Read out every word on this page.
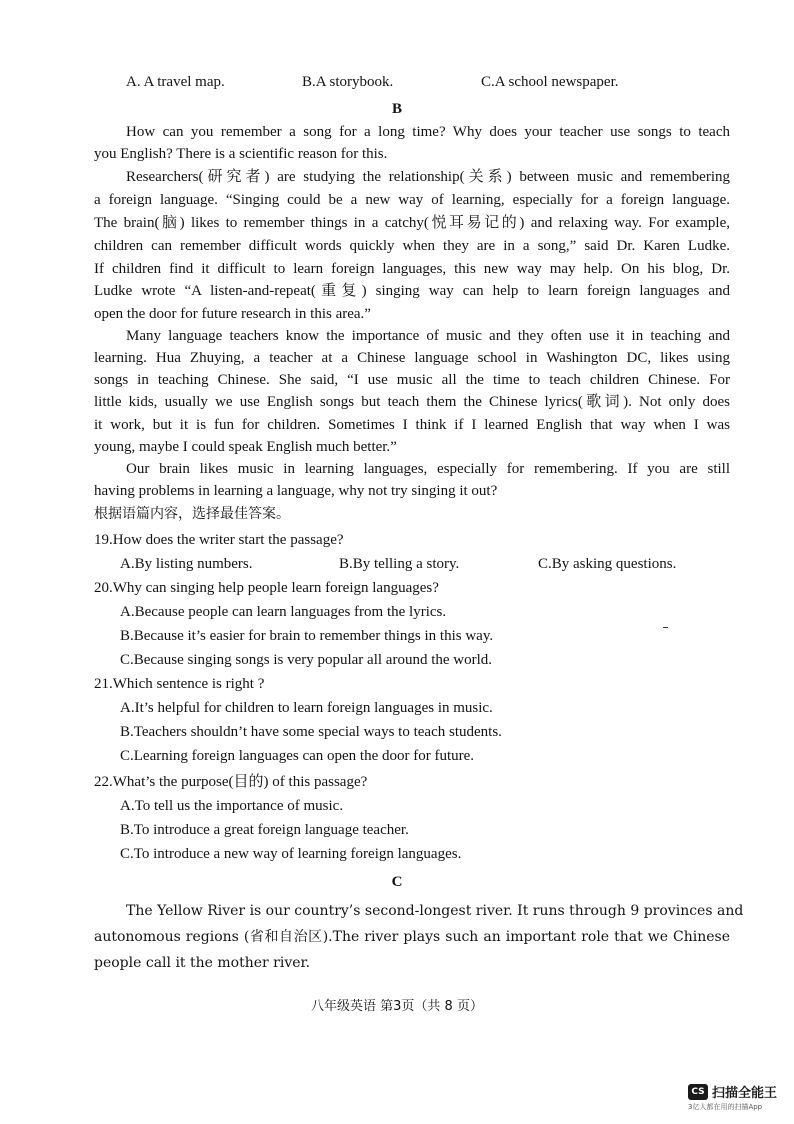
A. A travel map.	B.A storybook.	C.A school newspaper.
B
How can you remember a song for a long time? Why does your teacher use songs to teach
you English? There is a scientific reason for this.
Researchers(研究者) are studying the relationship(关系) between music and remembering
a foreign language. “Singing could be a new way of learning, especially for a foreign language.
The brain(脑) likes to remember things in a catchy(悦耳易记的) and relaxing way. For example,
children can remember difficult words quickly when they are in a song,” said Dr. Karen Ludke.
If children find it difficult to learn foreign languages, this new way may help. On his blog, Dr.
Ludke wrote “A listen-and-repeat(重复) singing way can help to learn foreign languages and
open the door for future research in this area.”
Many language teachers know the importance of music and they often use it in teaching and
learning. Hua Zhuying, a teacher at a Chinese language school in Washington DC, likes using
songs in teaching Chinese. She said, “I use music all the time to teach children Chinese. For
little kids, usually we use English songs but teach them the Chinese lyrics(歌词). Not only does
it work, but it is fun for children. Sometimes I think if I learned English that way when I was
young, maybe I could speak English much better.”
Our brain likes music in learning languages, especially for remembering. If you are still
having problems in learning a language, why not try singing it out?
根据语篇内容，选择最佳答案。
19.How does the writer start the passage?
A.By listing numbers.	B.By telling a story.	C.By asking questions.
20.Why can singing help people learn foreign languages?
A.Because people can learn languages from the lyrics.
B.Because it’s easier for brain to remember things in this way.
C.Because singing songs is very popular all around the world.
21.Which sentence is right ?
A.It’s helpful for children to learn foreign languages in music.
B.Teachers shouldn’t have some special ways to teach students.
C.Learning foreign languages can open the door for future.
22.What’s the purpose(目的) of this passage?
A.To tell us the importance of music.
B.To introduce a great foreign language teacher.
C.To introduce a new way of learning foreign languages.
C
The Yellow River is our country’s second-longest river. It runs through 9 provinces and
autonomous regions (省和自治区).The river plays such an important role that we Chinese
people call it the mother river.
八年级英语 第3页（共 8 页）
CS 扫描全能王
3亿人都在用的扫描App
